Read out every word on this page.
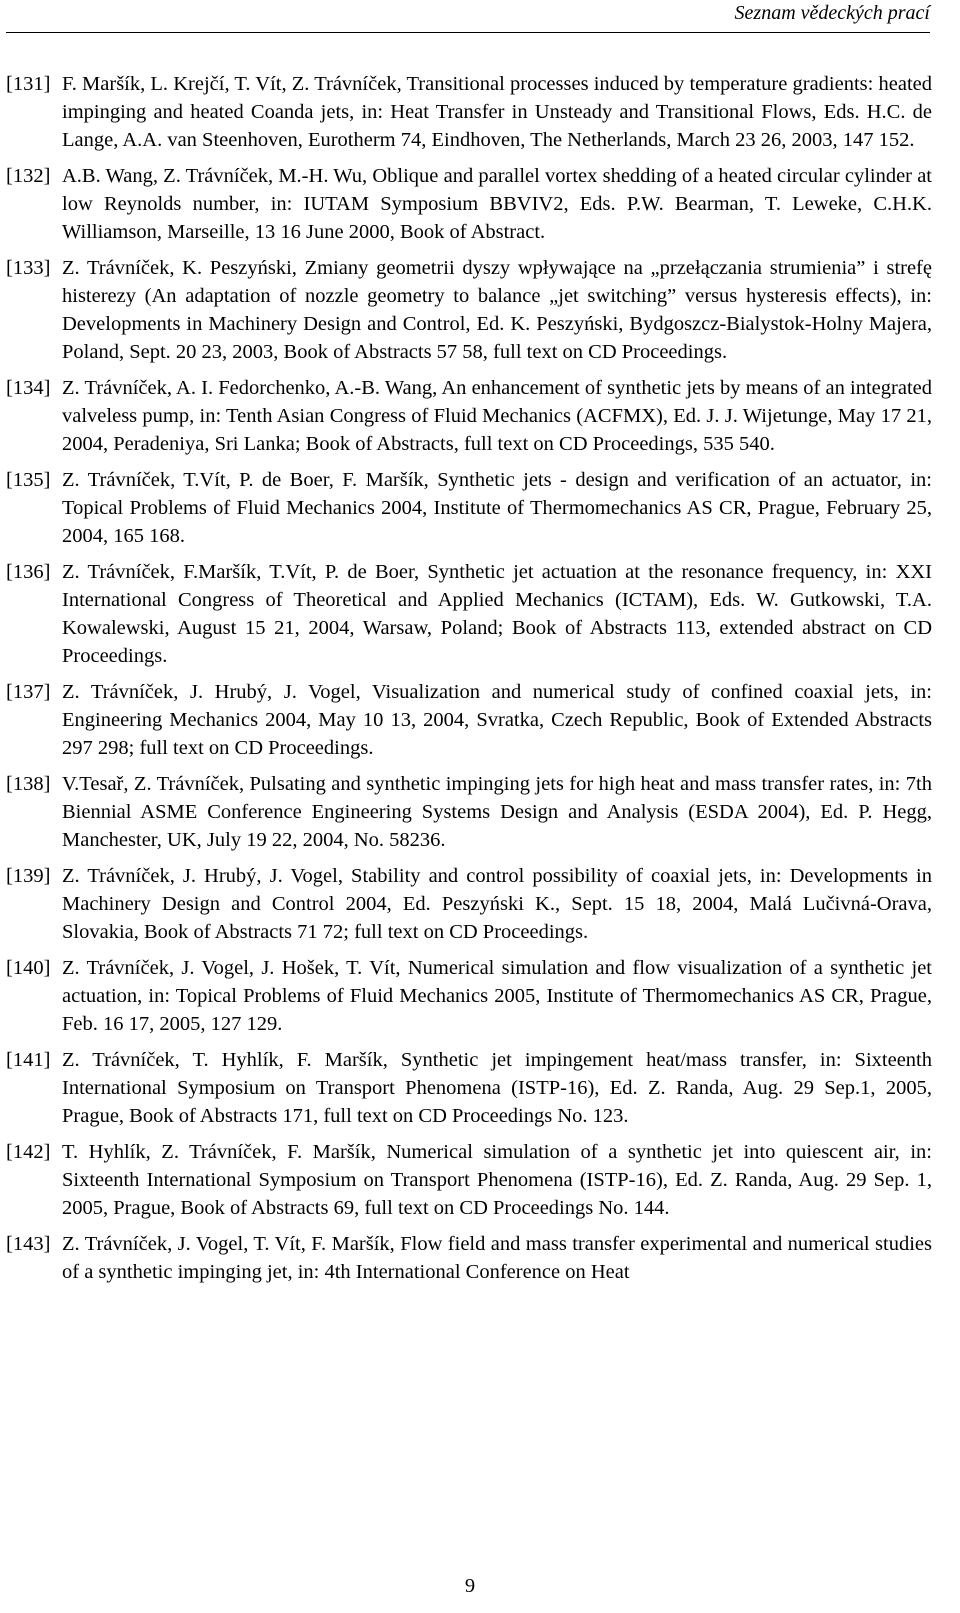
Seznam vědeckých prací
[131] F. Maršík, L. Krejčí, T. Vít, Z. Trávníček, Transitional processes induced by temperature gradients: heated impinging and heated Coanda jets, in: Heat Transfer in Unsteady and Transitional Flows, Eds. H.C. de Lange, A.A. van Steenhoven, Eurotherm 74, Eindhoven, The Netherlands, March 23 26, 2003, 147 152.
[132] A.B. Wang, Z. Trávníček, M.-H. Wu, Oblique and parallel vortex shedding of a heated circular cylinder at low Reynolds number, in: IUTAM Symposium BBVIV2, Eds. P.W. Bearman, T. Leweke, C.H.K. Williamson, Marseille, 13 16 June 2000, Book of Abstract.
[133] Z. Trávníček, K. Peszyński, Zmiany geometrii dyszy wpływające na „przełączania strumienia” i strefę histerezy (An adaptation of nozzle geometry to balance „jet switching” versus hysteresis effects), in: Developments in Machinery Design and Control, Ed. K. Peszyński, Bydgoszcz-Bialystok-Holny Majera, Poland, Sept. 20 23, 2003, Book of Abstracts 57 58, full text on CD Proceedings.
[134] Z. Trávníček, A. I. Fedorchenko, A.-B. Wang, An enhancement of synthetic jets by means of an integrated valveless pump, in: Tenth Asian Congress of Fluid Mechanics (ACFMX), Ed. J. J. Wijetunge, May 17 21, 2004, Peradeniya, Sri Lanka; Book of Abstracts, full text on CD Proceedings, 535 540.
[135] Z. Trávníček, T.Vít, P. de Boer, F. Maršík, Synthetic jets - design and verification of an actuator, in: Topical Problems of Fluid Mechanics 2004, Institute of Thermomechanics AS CR, Prague, February 25, 2004, 165 168.
[136] Z. Trávníček, F.Maršík, T.Vít, P. de Boer, Synthetic jet actuation at the resonance frequency, in: XXI International Congress of Theoretical and Applied Mechanics (ICTAM), Eds. W. Gutkowski, T.A. Kowalewski, August 15 21, 2004, Warsaw, Poland; Book of Abstracts 113, extended abstract on CD Proceedings.
[137] Z. Trávníček, J. Hrubý, J. Vogel, Visualization and numerical study of confined coaxial jets, in: Engineering Mechanics 2004, May 10 13, 2004, Svratka, Czech Republic, Book of Extended Abstracts 297 298; full text on CD Proceedings.
[138] V.Tesař, Z. Trávníček, Pulsating and synthetic impinging jets for high heat and mass transfer rates, in: 7th Biennial ASME Conference Engineering Systems Design and Analysis (ESDA 2004), Ed. P. Hegg, Manchester, UK, July 19 22, 2004, No. 58236.
[139] Z. Trávníček, J. Hrubý, J. Vogel, Stability and control possibility of coaxial jets, in: Developments in Machinery Design and Control 2004, Ed. Peszyński K., Sept. 15 18, 2004, Malá Lučivná-Orava, Slovakia, Book of Abstracts 71 72; full text on CD Proceedings.
[140] Z. Trávníček, J. Vogel, J. Hošek, T. Vít, Numerical simulation and flow visualization of a synthetic jet actuation, in: Topical Problems of Fluid Mechanics 2005, Institute of Thermomechanics AS CR, Prague, Feb. 16 17, 2005, 127 129.
[141] Z. Trávníček, T. Hyhlík, F. Maršík, Synthetic jet impingement heat/mass transfer, in: Sixteenth International Symposium on Transport Phenomena (ISTP-16), Ed. Z. Randa, Aug. 29 Sep.1, 2005, Prague, Book of Abstracts 171, full text on CD Proceedings No. 123.
[142] T. Hyhlík, Z. Trávníček, F. Maršík, Numerical simulation of a synthetic jet into quiescent air, in: Sixteenth International Symposium on Transport Phenomena (ISTP-16), Ed. Z. Randa, Aug. 29 Sep. 1, 2005, Prague, Book of Abstracts 69, full text on CD Proceedings No. 144.
[143] Z. Trávníček, J. Vogel, T. Vít, F. Maršík, Flow field and mass transfer experimental and numerical studies of a synthetic impinging jet, in: 4th International Conference on Heat
9
